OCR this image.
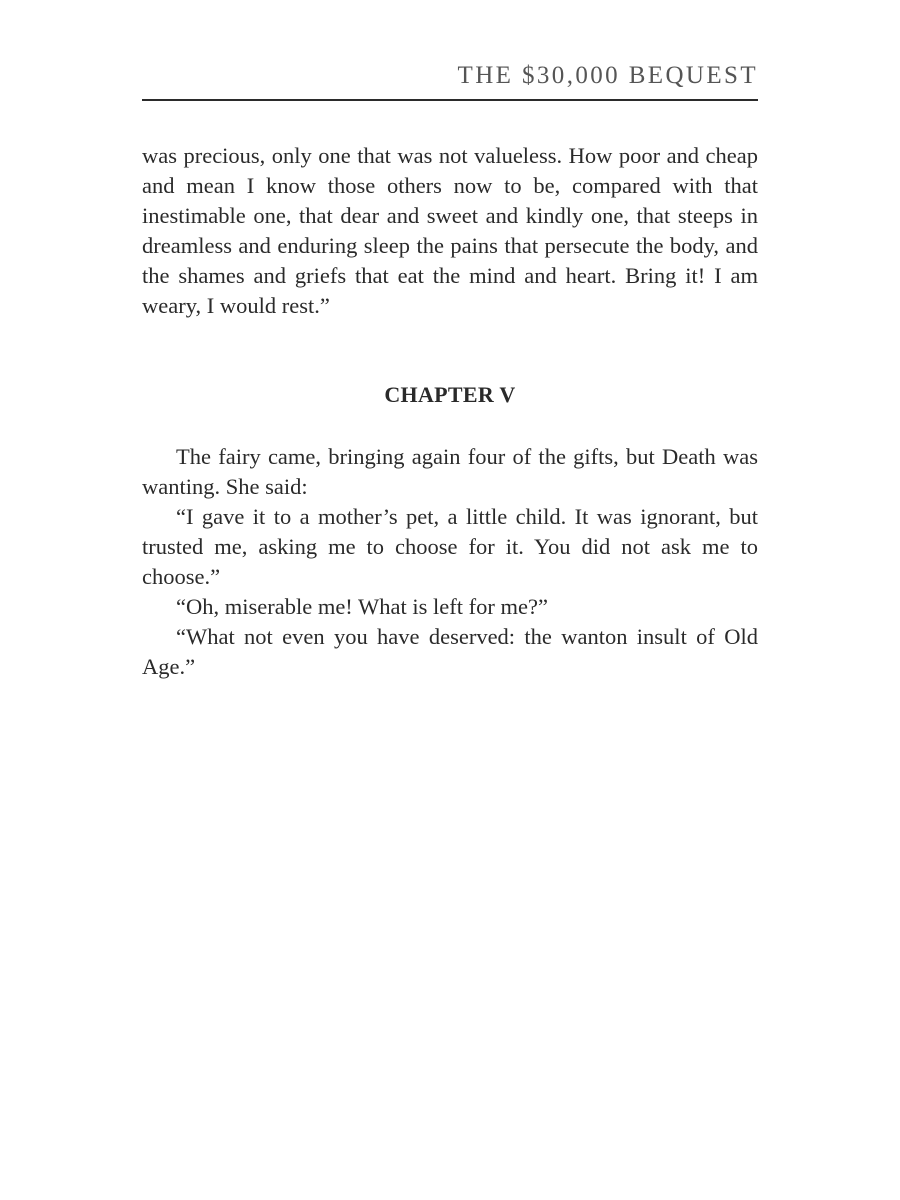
THE $30,000 BEQUEST

was precious, only one that was not valueless. How poor and cheap and mean I know those others now to be, compared with that inestimable one, that dear and sweet and kindly one, that steeps in dreamless and enduring sleep the pains that persecute the body, and the shames and griefs that eat the mind and heart. Bring it! I am weary, I would rest.”

CHAPTER V

The fairy came, bringing again four of the gifts, but Death was wanting. She said:

“I gave it to a mother’s pet, a little child. It was ignorant, but trusted me, asking me to choose for it. You did not ask me to choose.”

“Oh, miserable me! What is left for me?”

“What not even you have deserved: the wanton insult of Old Age.”
